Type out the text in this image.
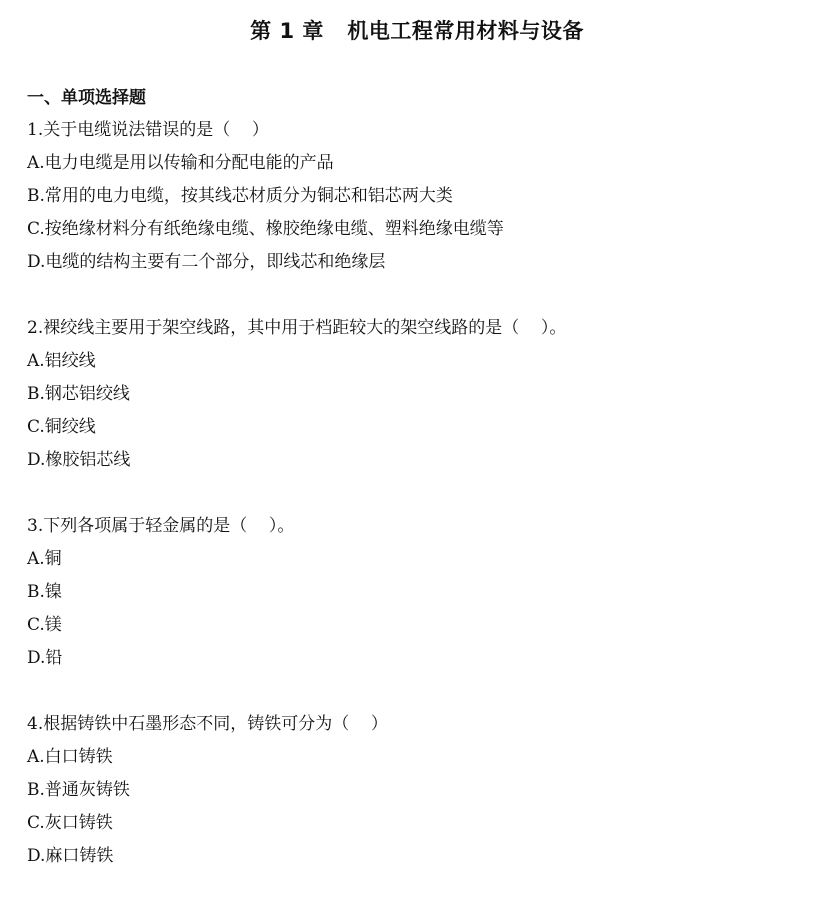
第 1 章   机电工程常用材料与设备
一、单项选择题
1.关于电缆说法错误的是（    ）
A.电力电缆是用以传输和分配电能的产品
B.常用的电力电缆，按其线芯材质分为铜芯和铝芯两大类
C.按绝缘材料分有纸绝缘电缆、橡胶绝缘电缆、塑料绝缘电缆等
D.电缆的结构主要有二个部分，即线芯和绝缘层
2.裸绞线主要用于架空线路，其中用于档距较大的架空线路的是（    ）。
A.铝绞线
B.钢芯铝绞线
C.铜绞线
D.橡胶铝芯线
3.下列各项属于轻金属的是（    ）。
A.铜
B.镍
C.镁
D.铅
4.根据铸铁中石墨形态不同，铸铁可分为（    ）
A.白口铸铁
B.普通灰铸铁
C.灰口铸铁
D.麻口铸铁
